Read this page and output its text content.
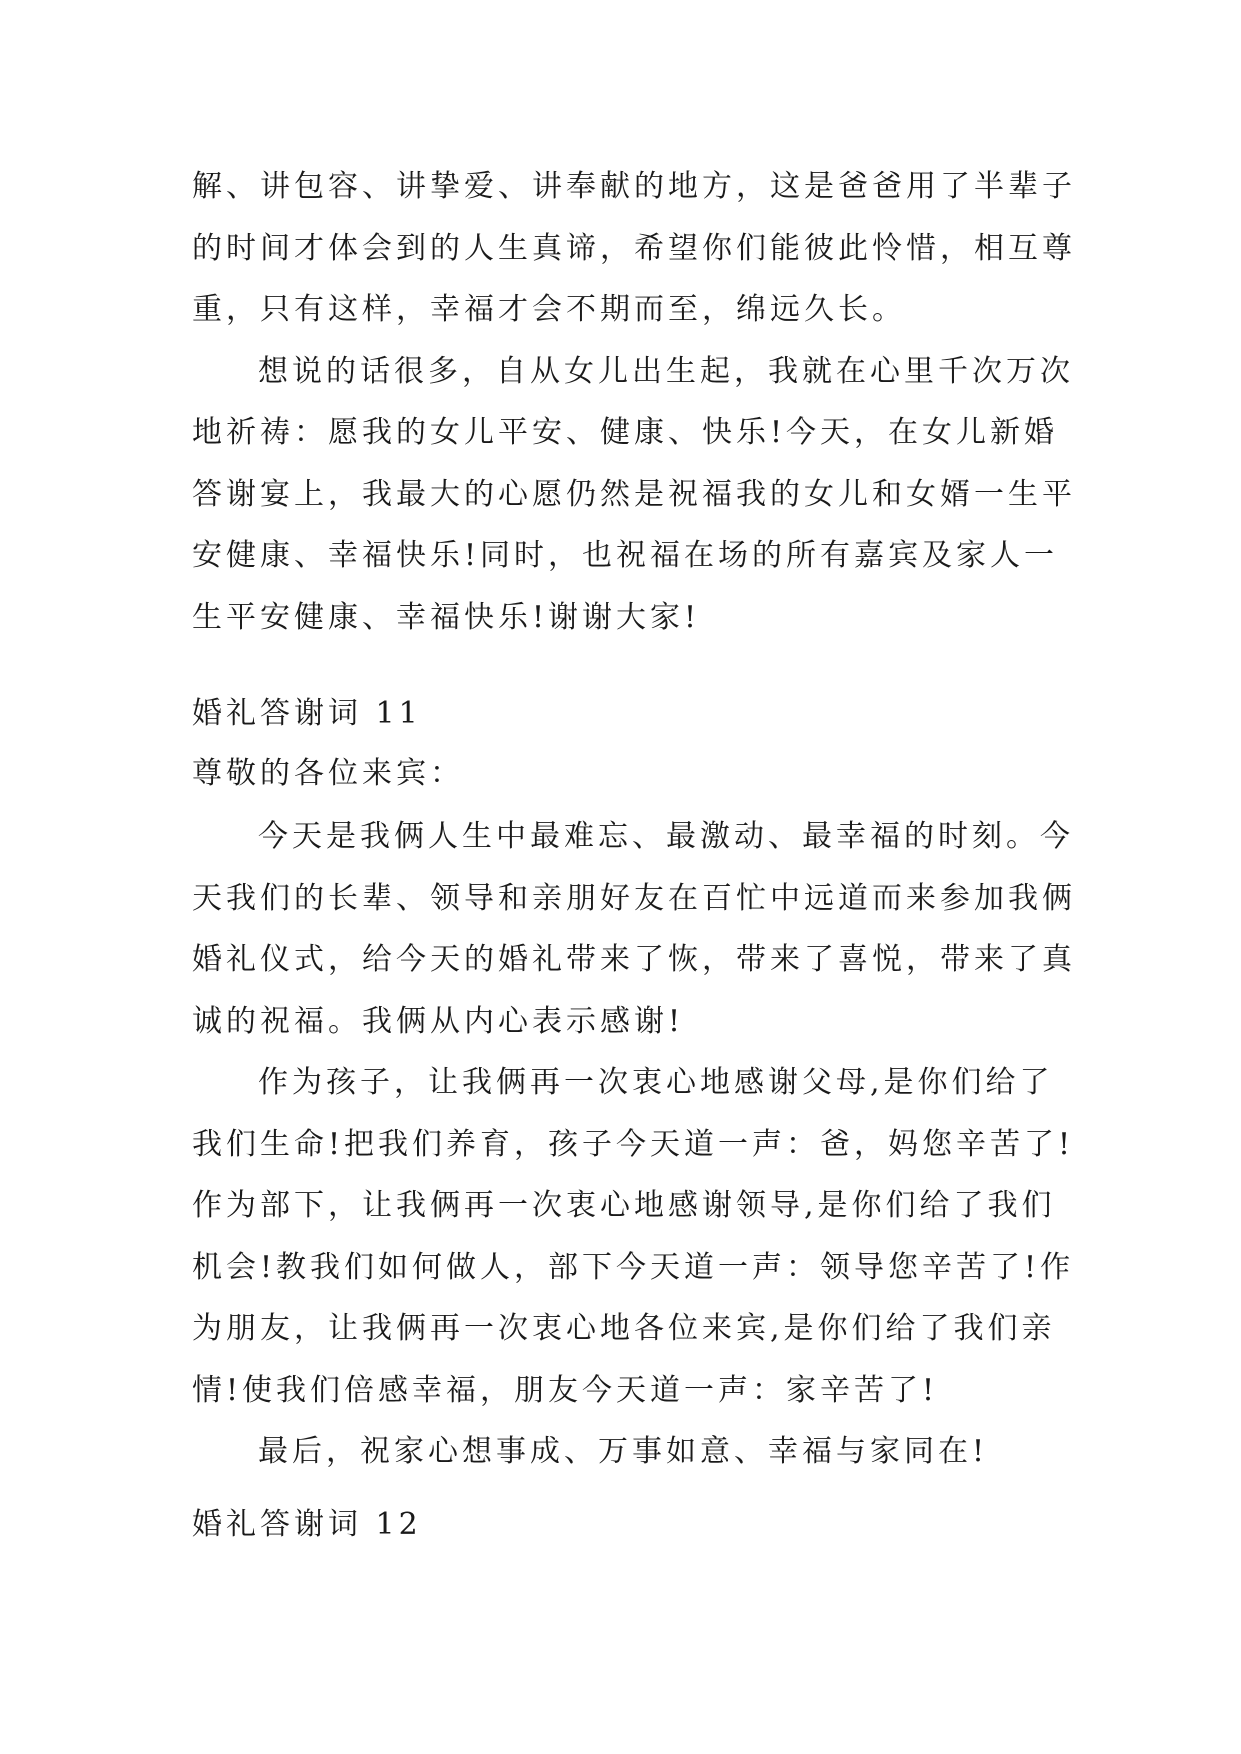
解、讲包容、讲挚爱、讲奉献的地方，这是爸爸用了半辈子
的时间才体会到的人生真谛，希望你们能彼此怜惜，相互尊
重，只有这样，幸福才会不期而至，绵远久长。
想说的话很多，自从女儿出生起，我就在心里千次万次
地祈祷：愿我的女儿平安、健康、快乐!今天，在女儿新婚
答谢宴上，我最大的心愿仍然是祝福我的女儿和女婿一生平
安健康、幸福快乐!同时，也祝福在场的所有嘉宾及家人一
生平安健康、幸福快乐!谢谢大家!
婚礼答谢词 11
尊敬的各位来宾：
今天是我俩人生中最难忘、最激动、最幸福的时刻。今
天我们的长辈、领导和亲朋好友在百忙中远道而来参加我俩
婚礼仪式，给今天的婚礼带来了恢，带来了喜悦，带来了真
诚的祝福。我俩从内心表示感谢!
作为孩子，让我俩再一次衷心地感谢父母,是你们给了
我们生命!把我们养育，孩子今天道一声：爸，妈您辛苦了!
作为部下，让我俩再一次衷心地感谢领导,是你们给了我们
机会!教我们如何做人，部下今天道一声：领导您辛苦了!作
为朋友，让我俩再一次衷心地各位来宾,是你们给了我们亲
情!使我们倍感幸福，朋友今天道一声：家辛苦了!
最后，祝家心想事成、万事如意、幸福与家同在!
婚礼答谢词 12
